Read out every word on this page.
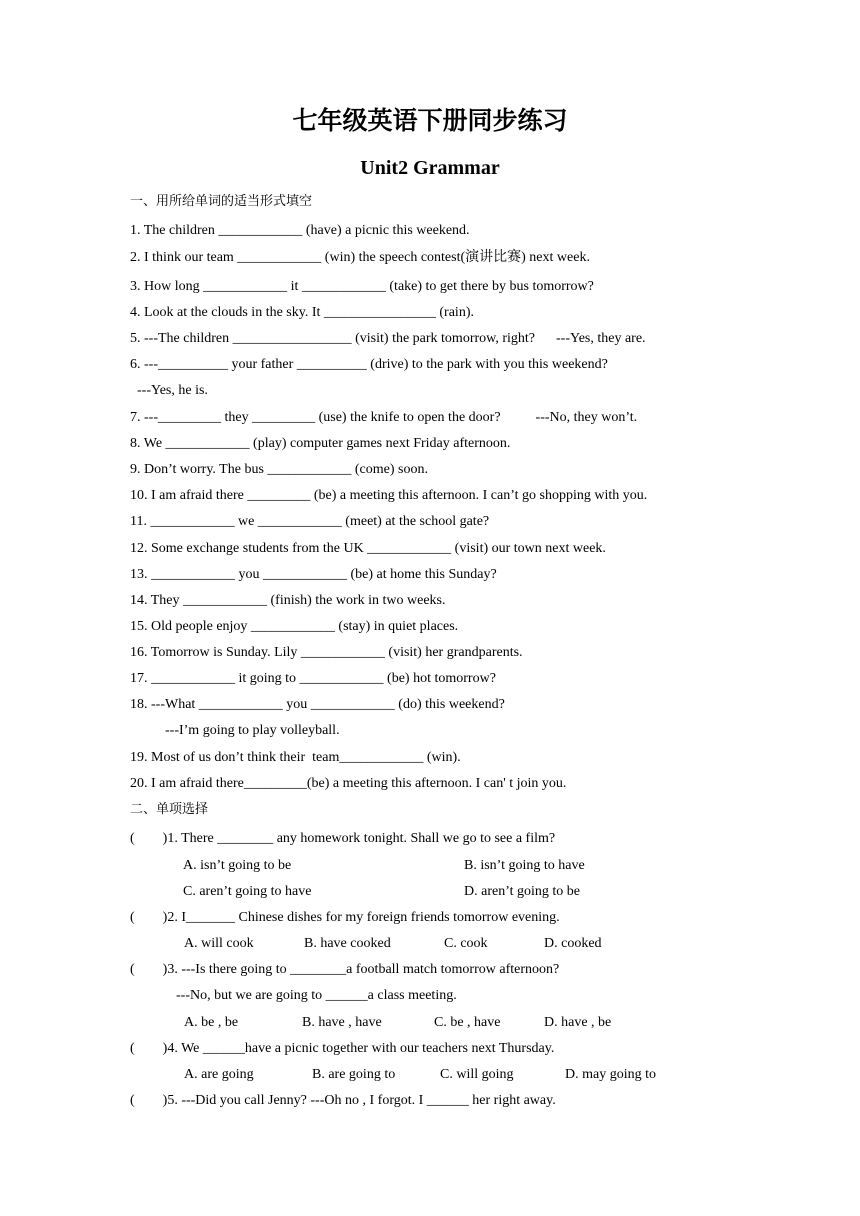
七年级英语下册同步练习
Unit2 Grammar
一、用所给单词的适当形式填空
1. The children ____________ (have) a picnic this weekend.
2. I think our team ____________ (win) the speech contest(演讲比赛) next week.
3. How long ____________ it ____________ (take) to get there by bus tomorrow?
4. Look at the clouds in the sky. It ________________ (rain).
5. ---The children _________________ (visit) the park tomorrow, right?      ---Yes, they are.
6. ---__________ your father __________ (drive) to the park with you this weekend?
---Yes, he is.
7. ---_________ they _________ (use) the knife to open the door?          ---No, they won’t.
8. We ____________ (play) computer games next Friday afternoon.
9. Don’t worry. The bus ____________ (come) soon.
10. I am afraid there _________ (be) a meeting this afternoon. I can’t go shopping with you.
11. ____________ we ____________ (meet) at the school gate?
12. Some exchange students from the UK ____________ (visit) our town next week.
13. ____________ you ____________ (be) at home this Sunday?
14. They ____________ (finish) the work in two weeks.
15. Old people enjoy ____________ (stay) in quiet places.
16. Tomorrow is Sunday. Lily ____________ (visit) her grandparents.
17. ____________ it going to ____________ (be) hot tomorrow?
18. ---What ____________ you ____________ (do) this weekend?
---I’m going to play volleyball.
19. Most of us don’t think their  team____________ (win).
20. I am afraid there_________(be) a meeting this afternoon. I can' t join you.
二、单项选择
(        )1. There ________ any homework tonight. Shall we go to see a film?
A. isn’t going to be	B. isn’t going to have
C. aren’t going to have	D. aren’t going to be
(        )2. I_______ Chinese dishes for my foreign friends tomorrow evening.
A. will cook	B. have cooked	C. cook	D. cooked
(        )3. ---Is there going to ________a football match tomorrow afternoon?
---No, but we are going to ______a class meeting.
A. be , be	B. have , have	C. be , have	D. have , be
(        )4. We ______have a picnic together with our teachers next Thursday.
A. are going	B. are going to	C. will going	D. may going to
(        )5. ---Did you call Jenny? ---Oh no , I forgot. I ______ her right away.
